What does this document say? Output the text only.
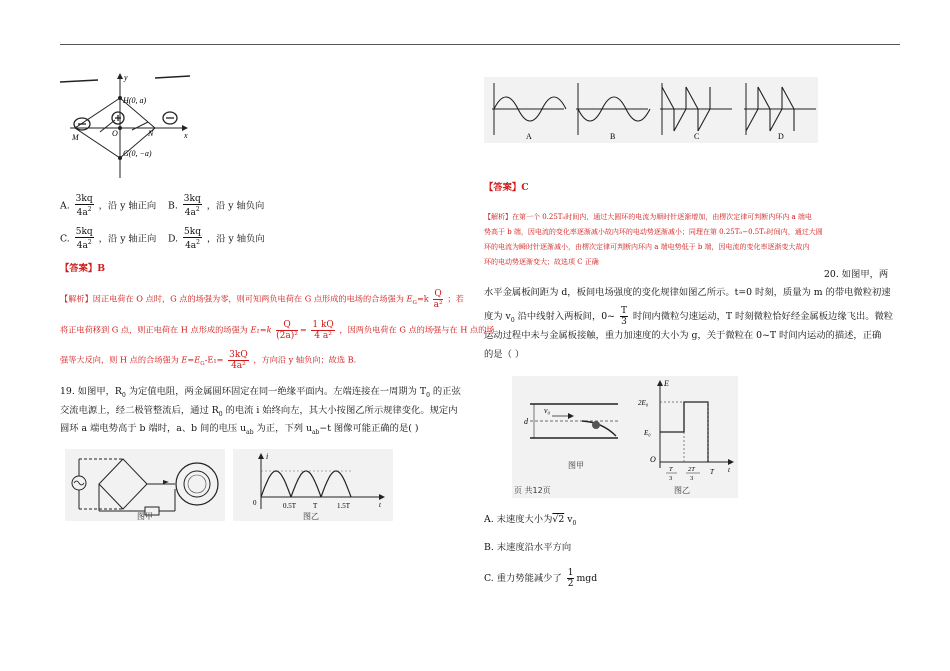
y
H(0, a)
G(0, −a)
M	N
O	x
A. $\frac{3kq}{4a^2}$ ，沿 y 轴正向 B. $\frac{3kq}{4a^2}$ ，沿 y 轴负向
C. $\frac{5kq}{4a^2}$ ，沿 y 轴正向 D. $\frac{5kq}{4a^2}$ ，沿 y 轴负向
【答案】B
【解析】因正电荷在 O 点时，G 点的场强为零，则可知两负电荷在 G 点形成的电场的合场强为 $E_G=k \frac{Q}{\text{a²}}$ ；若
将正电荷移到 G 点，则正电荷在 H 点形成的场强为 $E_1=k \frac{Q}{\text{(2a)²}} = \frac{1 kQ}{\text{4 a²}}$ ，因两负电荷在 G 点的场强与在 H 点的场
强等大反向，则 H 点的合场强为 $E=E_G-E_1= \frac{3kQ}{\text{4a²}}$ ，方向沿 y 轴负向；故选 B.
19. 如图甲，$R_0$ 为定值电阻，两金属圆环固定在同一绝缘平面内。左端连接在一周期为 $T_0$ 的正弦
交流电源上，经二极管整流后，通过 $R_0$ 的电流 i 始终向左，其大小按图乙所示规律变化。规定内
圆环 a 端电势高于 b 端时，a、b 间的电压 $u_{ab}$ 为正，下列 $u_{ab}-t$ 图像可能正确的是( )
图甲
i
0	0.5T T	1.5T	t
图乙
A	B	C	D
【答案】C
【解析】在第一个 0.25T₀时间内，通过大圆环的电流为顺时针逐渐增加，由楞次定律可判断内环内 a 端电
势高于 b 端，因电流的变化率逐渐减小故内环的电动势逐渐减小；同理在第 0.25T₀−0.5T₀时间内，通过大圆
环的电流为瞬时针逐渐减小，由楞次定律可判断内环内 a 端电势低于 b 端，因电流的变化率逐渐变大故内
环的电动势逐渐变大；故选项 C 正确
20. 如图甲，两
水平金属板间距为 d，板间电场强度的变化规律如图乙所示。t=0 时刻，质量为 m 的带电微粒初速
度为 $v_0$ 沿中线射入两板间，0~ $\frac{T}{3}$ 时间内微粒匀速运动，T 时刻微粒恰好经金属板边缘飞出。微粒
运动过程中未与金属板接触，重力加速度的大小为 g，关于微粒在 0~T 时间内运动的描述，正确
的是（ ）
v₀
d
图甲
E
2E₀
E₀
O
T
3
2T
3
T t
页 共12页	图乙
A. 末速度大小为√2 $v_0$
B. 末速度沿水平方向
C. 重力势能减少了 $\frac{1}{2}$ mgd
